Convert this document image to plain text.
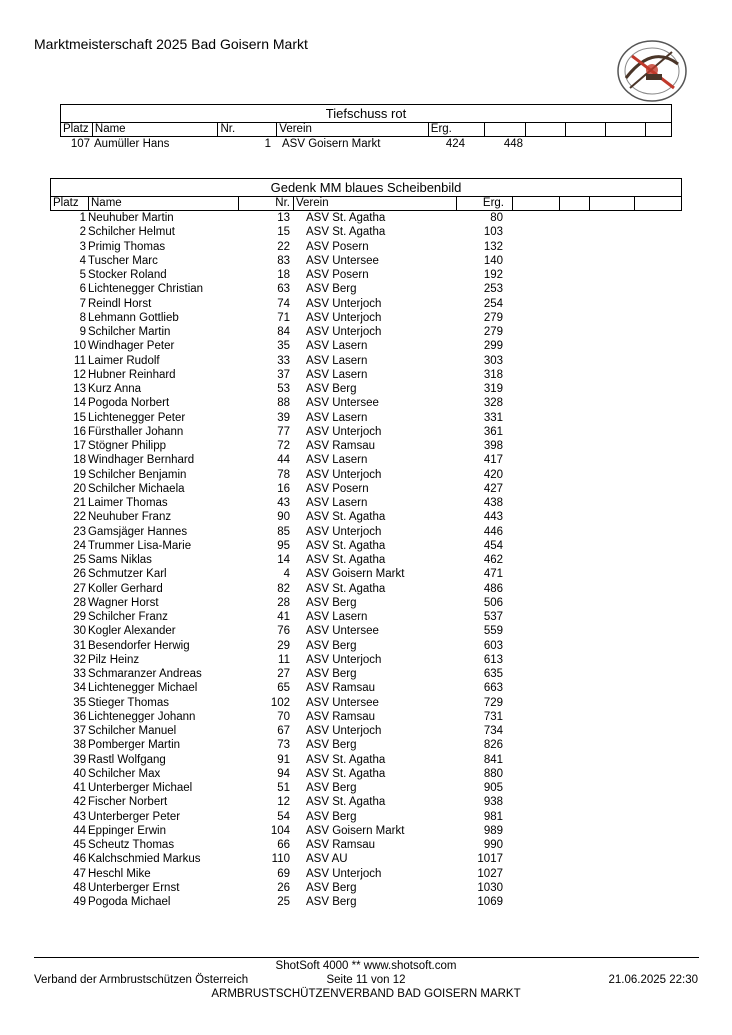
Marktmeisterschaft 2025 Bad Goisern Markt
Tiefschuss rot
Platz Name	Nr.	Verein	Erg.
107 Aumüller Hans	1 ASV Goisern Markt	424	448
Gedenk MM blaues Scheibenbild
Platz	Name	Nr. Verein	Erg.
1 Neuhuber Martin	13	ASV St. Agatha	80
2 Schilcher Helmut	15	ASV St. Agatha	103
3 Primig Thomas	22	ASV Posern	132
4 Tuscher Marc	83	ASV Untersee	140
5 Stocker Roland	18	ASV Posern	192
6 Lichtenegger Christian	63	ASV Berg	253
7 Reindl Horst	74	ASV Unterjoch	254
8 Lehmann Gottlieb	71	ASV Unterjoch	279
9 Schilcher Martin	84	ASV Unterjoch	279
10 Windhager Peter	35	ASV Lasern	299
11 Laimer Rudolf	33	ASV Lasern	303
12 Hubner Reinhard	37	ASV Lasern	318
13 Kurz Anna	53	ASV Berg	319
14 Pogoda Norbert	88	ASV Untersee	328
15 Lichtenegger Peter	39	ASV Lasern	331
16 Fürsthaller Johann	77	ASV Unterjoch	361
17 Stögner Philipp	72	ASV Ramsau	398
18 Windhager Bernhard	44	ASV Lasern	417
19 Schilcher Benjamin	78	ASV Unterjoch	420
20 Schilcher Michaela	16	ASV Posern	427
21 Laimer Thomas	43	ASV Lasern	438
22 Neuhuber Franz	90	ASV St. Agatha	443
23 Gamsjäger Hannes	85	ASV Unterjoch	446
24 Trummer Lisa-Marie	95	ASV St. Agatha	454
25 Sams Niklas	14	ASV St. Agatha	462
26 Schmutzer Karl	4	ASV Goisern Markt	471
27 Koller Gerhard	82	ASV St. Agatha	486
28 Wagner Horst	28	ASV Berg	506
29 Schilcher Franz	41	ASV Lasern	537
30 Kogler Alexander	76	ASV Untersee	559
31 Besendorfer Herwig	29	ASV Berg	603
32 Pilz Heinz	11	ASV Unterjoch	613
33 Schmaranzer Andreas	27	ASV Berg	635
34 Lichtenegger Michael	65	ASV Ramsau	663
35 Stieger Thomas	102	ASV Untersee	729
36 Lichtenegger Johann	70	ASV Ramsau	731
37 Schilcher Manuel	67	ASV Unterjoch	734
38 Pomberger Martin	73	ASV Berg	826
39 Rastl Wolfgang	91	ASV St. Agatha	841
40 Schilcher Max	94	ASV St. Agatha	880
41 Unterberger Michael	51	ASV Berg	905
42 Fischer Norbert	12	ASV St. Agatha	938
43 Unterberger Peter	54	ASV Berg	981
44 Eppinger Erwin	104	ASV Goisern Markt	989
45 Scheutz Thomas	66	ASV Ramsau	990
46 Kalchschmied Markus	110	ASV AU	1017
47 Heschl Mike	69	ASV Unterjoch	1027
48 Unterberger Ernst	26	ASV Berg	1030
49 Pogoda Michael	25	ASV Berg	1069
ShotSoft 4000 ** www.shotsoft.com
Verband der Armbrustschützen Österreich	Seite 11 von 12	21.06.2025 22:30
ARMBRUSTSCHÜTZENVERBAND BAD GOISERN MARKT
